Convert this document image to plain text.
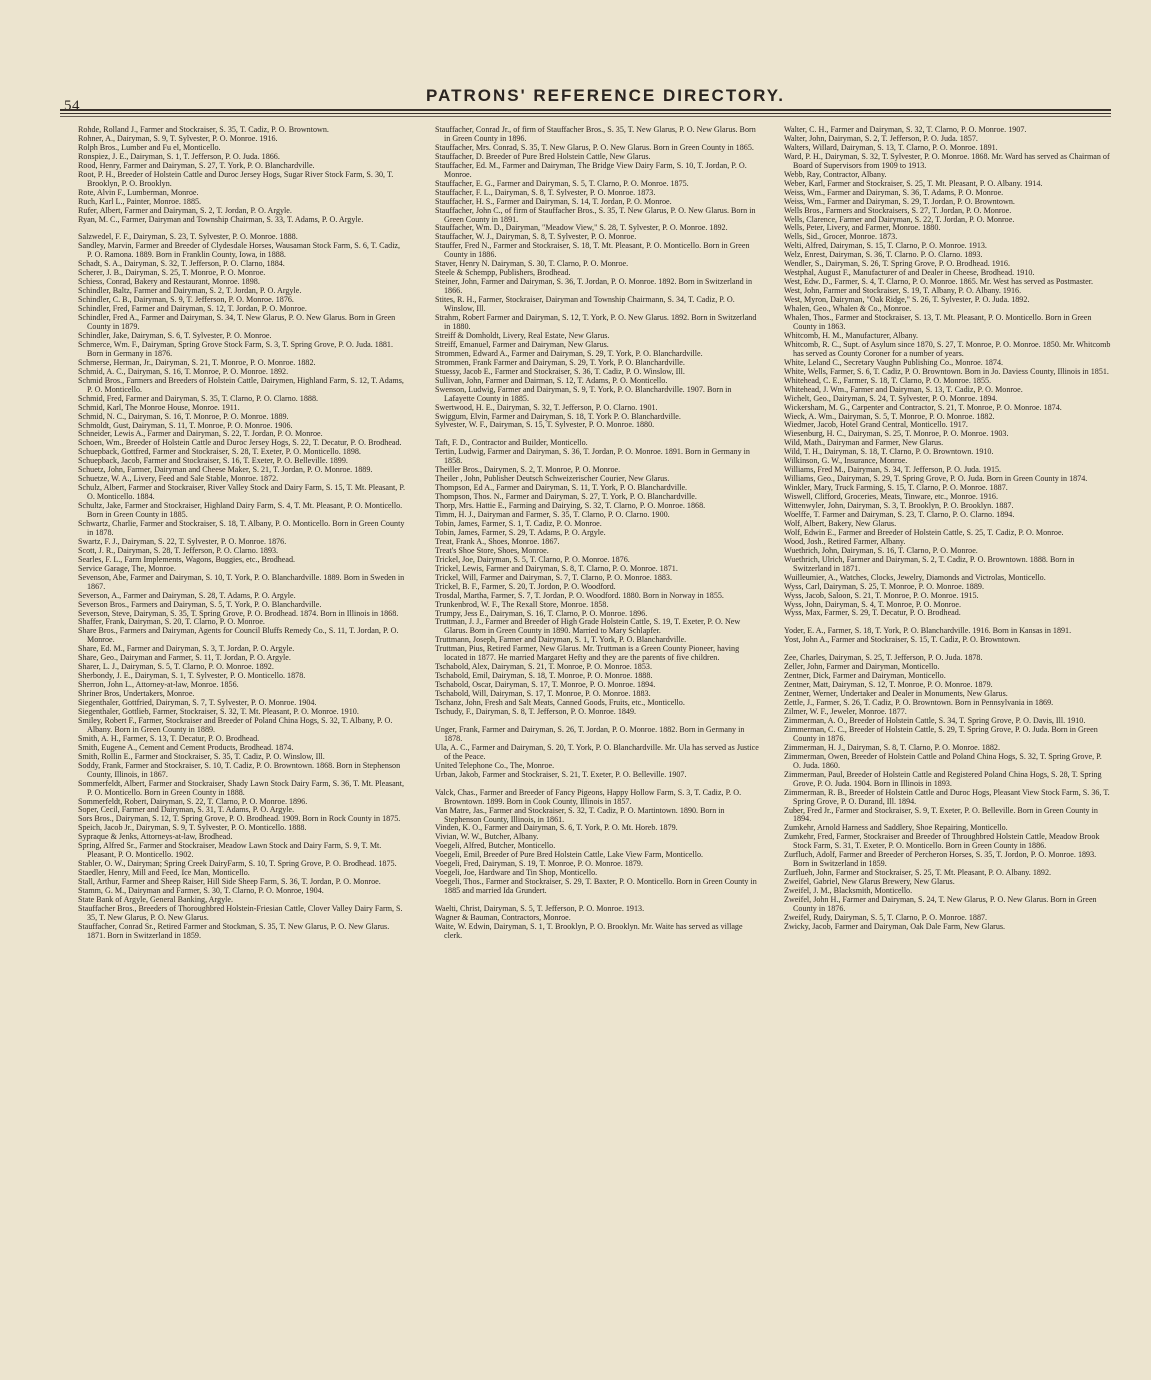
54
PATRONS' REFERENCE DIRECTORY.

Rohde, Rolland J., Farmer and Stockraiser, S. 35, T. Cadiz, P. O. Browntown.

Rohner, A., Dairyman, S. 9, T. Sylvester, P. O. Monroe. 1916.

Rolph Bros., Lumber and Fu el, Monticello.

Ronspiez, J. E., Dairyman, S. 1, T. Jefferson, P. O. Juda. 1866.

Rood, Henry, Farmer and Dairyman, S. 27, T. York, P. O. Blanchardville.

Root, P. H., Breeder of Holstein Cattle and Duroc Jersey Hogs, Sugar River Stock Farm, S. 30, T. Brooklyn, P. O. Brooklyn.

Rote, Alvin F., Lumberman, Monroe.

Ruch, Karl L., Painter, Monroe. 1885.

Rufer, Albert, Farmer and Dairyman, S. 2, T. Jordan, P. O. Argyle.

Ryan, M. C., Farmer, Dairyman and Township Chairman, S. 33, T. Adams, P. O. Argyle.

Salzwedel, F. F., Dairyman, S. 23, T. Sylvester, P. O. Monroe. 1888.

Sandley, Marvin, Farmer and Breeder of Clydesdale Horses, Wausaman Stock Farm, S. 6, T. Cadiz, P. O. Ramona. 1889. Born in Franklin County, Iowa, in 1888.

Schadt, S. A., Dairyman, S. 32, T. Jefferson, P. O. Clarno, 1884.

Scherer, J. B., Dairyman, S. 25, T. Monroe, P. O. Monroe.

Schiess, Conrad, Bakery and Restaurant, Monroe. 1898.

Schindler, Baltz, Farmer and Dairyman, S. 2, T. Jordan, P. O. Argyle.

Schindler, C. B., Dairyman, S. 9, T. Jefferson, P. O. Monroe. 1876.

Schindler, Fred, Farmer and Dairyman, S. 12, T. Jordan, P. O. Monroe.

Schindler, Fred A., Farmer and Dairyman, S. 34, T. New Glarus, P. O. New Glarus. Born in Green County in 1879.

Schindler, Jake, Dairyman, S. 6, T. Sylvester, P. O. Monroe.

Schmerce, Wm. F., Dairyman, Spring Grove Stock Farm, S. 3, T. Spring Grove, P. O. Juda. 1881. Born in Germany in 1876.

Schmerse, Herman, Jr., Dairyman, S. 21, T. Monroe, P. O. Monroe. 1882.

Schmid, A. C., Dairyman, S. 16, T. Monroe, P. O. Monroe. 1892.

Schmid Bros., Farmers and Breeders of Holstein Cattle, Dairymen, Highland Farm, S. 12, T. Adams, P. O. Monticello.

Schmid, Fred, Farmer and Dairyman, S. 35, T. Clarno, P. O. Clarno. 1888.

Schmid, Karl, The Monroe House, Monroe. 1911.

Schmid, N. C., Dairyman, S. 16, T. Monroe, P. O. Monroe. 1889.

Schmoldt, Gust, Dairyman, S. 11, T. Monroe, P. O. Monroe. 1906.

Schneider, Lewis A., Farmer and Dairyman, S. 22, T. Jordan, P. O. Monroe.

Schoen, Wm., Breeder of Holstein Cattle and Duroc Jersey Hogs, S. 22, T. Decatur, P. O. Brodhead.

Schuepback, Gottfred, Farmer and Stockraiser, S. 28, T. Exeter, P. O. Monticello. 1898.

Schuepback, Jacob, Farmer and Stockraiser, S. 16, T. Exeter, P. O. Belleville. 1899.

Schuetz, John, Farmer, Dairyman and Cheese Maker, S. 21, T. Jordan, P. O. Monroe. 1889.

Schuetze, W. A., Livery, Feed and Sale Stable, Monroe. 1872.

Schulz, Albert, Farmer and Stockraiser, River Valley Stock and Dairy Farm, S. 15, T. Mt. Pleasant, P. O. Monticello. 1884.

Schultz, Jake, Farmer and Stockraiser, Highland Dairy Farm, S. 4, T. Mt. Pleasant, P. O. Monticello. Born in Green County in 1885.

Schwartz, Charlie, Farmer and Stockraiser, S. 18, T. Albany, P. O. Monticello. Born in Green County in 1878.

Swartz, F. J., Dairyman, S. 22, T. Sylvester, P. O. Monroe. 1876.

Scott, J. R., Dairyman, S. 28, T. Jefferson, P. O. Clarno. 1893.

Searles, F. L., Farm Implements, Wagons, Buggies, etc., Brodhead.

Service Garage, The, Monroe.

Sevenson, Abe, Farmer and Dairyman, S. 10, T. York, P. O. Blanchardville. 1889. Born in Sweden in 1867.

Severson, A., Farmer and Dairyman, S. 28, T. Adams, P. O. Argyle.

Severson Bros., Farmers and Dairyman, S. 5, T. York, P. O. Blanchardville.

Severson, Steve, Dairyman, S. 35, T. Spring Grove, P. O. Brodhead. 1874. Born in Illinois in 1868.

Shaffer, Frank, Dairyman, S. 20, T. Clarno, P. O. Monroe.

Share Bros., Farmers and Dairyman, Agents for Council Bluffs Remedy Co., S. 11, T. Jordan, P. O. Monroe.

Share, Ed. M., Farmer and Dairyman, S. 3, T. Jordan, P. O. Argyle.

Share, Geo., Dairyman and Farmer, S. 11, T. Jordan, P. O. Argyle.

Sharer, L. J., Dairyman, S. 5, T. Clarno, P. O. Monroe. 1892.

Sherbondy, J. E., Dairyman, S. 1, T. Sylvester, P. O. Monticello. 1878.

Sherron, John L., Attorney-at-law, Monroe. 1856.

Shriner Bros, Undertakers, Monroe.

Siegenthaler, Gottfried, Dairyman, S. 7, T. Sylvester, P. O. Monroe. 1904.

Siegenthaler, Gottlieb, Farmer, Stockraiser, S. 32, T. Mt. Pleasant, P. O. Monroe. 1910.

Smiley, Robert F., Farmer, Stockraiser and Breeder of Poland China Hogs, S. 32, T. Albany, P. O. Albany. Born in Green County in 1889.

Smith, A. H., Farmer, S. 13, T. Decatur, P. O. Brodhead.

Smith, Eugene A., Cement and Cement Products, Brodhead. 1874.

Smith, Rollin E., Farmer and Stockraiser, S. 35, T. Cadiz, P. O. Winslow, Ill.

Soddy, Frank, Farmer and Stockraiser, S. 10, T. Cadiz, P. O. Browntown. 1868. Born in Stephenson County, Illinois, in 1867.

Sommerfeldt, Albert, Farmer and Stockraiser, Shady Lawn Stock Dairy Farm, S. 36, T. Mt. Pleasant, P. O. Monticello. Born in Green County in 1888.

Sommerfeldt, Robert, Dairyman, S. 22, T. Clarno, P. O. Monroe. 1896.

Soper, Cecil, Farmer and Dairyman, S. 31, T. Adams, P. O. Argyle.

Sors Bros., Dairyman, S. 12, T. Spring Grove, P. O. Brodhead. 1909. Born in Rock County in 1875.

Speich, Jacob Jr., Dairyman, S. 9, T. Sylvester, P. O. Monticello. 1888.

Sypraque & Jenks, Attorneys-at-law, Brodhead.

Spring, Alfred Sr., Farmer and Stockraiser, Meadow Lawn Stock and Dairy Farm, S. 9, T. Mt. Pleasant, P. O. Monticello. 1902.

Stabler, O. W., Dairyman; Spring Creek DairyFarm, S. 10, T. Spring Grove, P. O. Brodhead. 1875.

Staedler, Henry, Mill and Feed, Ice Man, Monticello.

Stall, Arthur, Farmer and Sheep Raiser, Hill Side Sheep Farm, S. 36, T. Jordan, P. O. Monroe.

Stamm, G. M., Dairyman and Farmer, S. 30, T. Clarno, P. O. Monroe, 1904.

State Bank of Argyle, General Banking, Argyle.

Stauffacher Bros., Breeders of Thoroughbred Holstein-Friesian Cattle, Clover Valley Dairy Farm, S. 35, T. New Glarus, P. O. New Glarus.

Stauffacher, Conrad Sr., Retired Farmer and Stockman, S. 35, T. New Glarus, P. O. New Glarus. 1871. Born in Switzerland in 1859.

Stauffacher, Conrad Jr., of firm of Stauffacher Bros., S. 35, T. New Glarus, P. O. New Glarus. Born in Green County in 1896.

Stauffacher, Mrs. Conrad, S. 35, T. New Glarus, P. O. New Glarus. Born in Green County in 1865.

Stauffacher, D. Breeder of Pure Bred Holstein Cattle, New Glarus.

Stauffacher, Ed. M., Farmer and Dairyman, The Bridge View Dairy Farm, S. 10, T. Jordan, P. O. Monroe.

Stauffacher, E. G., Farmer and Dairyman, S. 5, T. Clarno, P. O. Monroe. 1875.

Stauffacher, F. L., Dairyman, S. 8, T. Sylvester, P. O. Monroe. 1873.

Stauffacher, H. S., Farmer and Dairyman, S. 14, T. Jordan, P. O. Monroe.

Stauffacher, John C., of firm of Stauffacher Bros., S. 35, T. New Glarus, P. O. New Glarus. Born in Green County in 1891.

Stauffacher, Wm. D., Dairyman, "Meadow View," S. 28, T. Sylvester, P. O. Monroe. 1892.

Stauffacher, W. J., Dairyman, S. 8, T. Sylvester, P. O. Monroe.

Stauffer, Fred N., Farmer and Stockraiser, S. 18, T. Mt. Pleasant, P. O. Monticello. Born in Green County in 1886.

Staver, Henry N. Dairyman, S. 30, T. Clarno, P. O. Monroe.

Steele & Schempp, Publishers, Brodhead.

Steiner, John, Farmer and Dairyman, S. 36, T. Jordan, P. O. Monroe. 1892. Born in Switzerland in 1866.

Stites, R. H., Farmer, Stockraiser, Dairyman and Township Chairmann, S. 34, T. Cadiz, P. O. Winslow, Ill.

Strahm, Robert Farmer and Dairyman, S. 12, T. York, P. O. New Glarus. 1892. Born in Switzerland in 1880.

Streiff & Domholdt, Livery, Real Estate, New Glarus.

Streiff, Emanuel, Farmer and Dairyman, New Glarus.

Strommen, Edward A., Farmer and Dairyman, S. 29, T. York, P. O. Blanchardville.

Strommen, Frank Farmer and Dairyman, S. 29, T. York, P. O. Blanchardville.

Stuessy, Jacob E., Farmer and Stockraiser, S. 36, T. Cadiz, P. O. Winslow, Ill.

Sullivan, John, Farmer and Dairman, S. 12, T. Adams, P. O. Monticello.

Swenson, Ludwig, Farmer and Dairyman, S. 9, T. York, P. O. Blanchardville. 1907. Born in Lafayette County in 1885.

Swertwood, H. E., Dairyman, S. 32, T. Jefferson, P. O. Clarno. 1901.

Swiggum, Elvin, Farmer and Dairyman, S. 18, T. York P. O. Blanchardville.

Sylvester, W. F., Dairyman, S. 15, T. Sylvester, P. O. Monroe. 1880.

Taft, F. D., Contractor and Builder, Monticello.

Tertin, Ludwig, Farmer and Dairyman, S. 36, T. Jordan, P. O. Monroe. 1891. Born in Germany in 1858.

Theiller Bros., Dairymen, S. 2, T. Monroe, P. O. Monroe.

Theiler , John, Publisher Deutsch Schweizerischer Courier, New Glarus.

Thompson, Ed A., Farmer and Dairyman, S. 11, T. York, P. O. Blanchardville.

Thompson, Thos. N., Farmer and Dairyman, S. 27, T. York, P. O. Blanchardville.

Thorp, Mrs. Hattie E., Farming and Dairying, S. 32, T. Clarno, P. O. Monroe. 1868.

Timm, H. J., Dairyman and Farmer, S. 35, T. Clarno, P. O. Clarno. 1900.

Tobin, James, Farmer, S. 1, T. Cadiz, P. O. Monroe.

Tobin, James, Farmer, S. 29, T. Adams, P. O. Argyle.

Treat, Frank A., Shoes, Monroe. 1867.

Treat's Shoe Store, Shoes, Monroe.

Trickel, Joe, Dairyman, S. 5, T. Clarno, P. O. Monroe. 1876.

Trickel, Lewis, Farmer and Dairyman, S. 8, T. Clarno, P. O. Monroe. 1871.

Trickel, Will, Farmer and Dairyman, S. 7, T. Clarno, P. O. Monroe. 1883.

Trickel, B. F., Farmer, S. 20, T. Jordon, P. O. Woodford.

Trosdal, Martha, Farmer, S. 7, T. Jordan, P. O. Woodford. 1880. Born in Norway in 1855.

Trunkenbrod, W. F., The Rexall Store, Monroe. 1858.

Trumpy, Jess E., Dairyman, S. 16, T. Clarno, P. O. Monroe. 1896.

Truttman, J. J., Farmer and Breeder of High Grade Holstein Cattle, S. 19, T. Exeter, P. O. New Glarus. Born in Green County in 1890. Married to Mary Schlapfer.

Truttmann, Joseph, Farmer and Dairyman, S. 1, T. York, P. O. Blanchardville.

Truttman, Pius, Retired Farmer, New Glarus. Mr. Truttman is a Green County Pioneer, having located in 1877. He married Margaret Hefty and they are the parents of five children.

Tschabold, Alex, Dairyman, S. 21, T. Monroe, P. O. Monroe. 1853.

Tschabold, Emil, Dairyman, S. 18, T. Monroe, P. O. Monroe. 1888.

Tschabold, Oscar, Dairyman, S. 17, T. Monroe, P. O. Monroe. 1894.

Tschabold, Will, Dairyman, S. 17, T. Monroe, P. O. Monroe. 1883.

Tschanz, John, Fresh and Salt Meats, Canned Goods, Fruits, etc., Monticello.

Tschudy, F., Dairyman, S. 8, T. Jefferson, P. O. Monroe. 1849.

Unger, Frank, Farmer and Dairyman, S. 26, T. Jordan, P. O. Monroe. 1882. Born in Germany in 1878.

Ula, A. C., Farmer and Dairyman, S. 20, T. York, P. O. Blanchardville. Mr. Ula has served as Justice of the Peace.

United Telephone Co., The, Monroe.

Urban, Jakob, Farmer and Stockraiser, S. 21, T. Exeter, P. O. Belleville. 1907.

Valck, Chas., Farmer and Breeder of Fancy Pigeons, Happy Hollow Farm, S. 3, T. Cadiz, P. O. Browntown. 1899. Born in Cook County, Illinois in 1857.

Van Matre, Jas., Farmer and Stockraiser, S. 32, T. Cadiz, P. O. Martintown. 1890. Born in Stephenson County, Illinois, in 1861.

Vinden, K. O., Farmer and Dairyman, S. 6, T. York, P. O. Mt. Horeb. 1879.

Vivian, W. W., Butcher, Albany.

Voegeli, Alfred, Butcher, Monticello.

Voegeli, Emil, Breeder of Pure Bred Holstein Cattle, Lake View Farm, Monticello.

Voegeli, Fred, Dairyman, S. 19, T. Monroe, P. O. Monroe. 1879.

Voegeli, Joe, Hardware and Tin Shop, Monticello.

Voegeli, Thos., Farmer and Stockraiser, S. 29, T. Baxter, P. O. Monticello. Born in Green County in 1885 and married Ida Grundert.

Waelti, Christ, Dairyman, S. 5, T. Jefferson, P. O. Monroe. 1913.

Wagner & Bauman, Contractors, Monroe.

Waite, W. Edwin, Dairyman, S. 1, T. Brooklyn, P. O. Brooklyn. Mr. Waite has served as village clerk.

Walter, C. H., Farmer and Dairyman, S. 32, T. Clarno, P. O. Monroe. 1907.

Walter, John, Dairyman, S. 2, T. Jefferson, P. O. Juda. 1857.

Walters, Willard, Dairyman, S. 13, T. Clarno, P. O. Monroe. 1891.

Ward, P. H., Dairyman, S. 32, T. Sylvester, P. O. Monroe. 1868. Mr. Ward has served as Chairman of Board of Supervisors from 1909 to 1913.

Webb, Ray, Contractor, Albany.

Weber, Karl, Farmer and Stockraiser, S. 25, T. Mt. Pleasant, P. O. Albany. 1914.

Weiss, Wm., Farmer and Dairyman, S. 36, T. Adams, P. O. Monroe.

Weiss, Wm., Farmer and Dairyman, S. 29, T. Jordan, P. O. Browntown.

Wells Bros., Farmers and Stockraisers, S. 27, T. Jordan, P. O. Monroe.

Wells, Clarence, Farmer and Dairyman, S. 22, T. Jordan, P. O. Monroe.

Wells, Peter, Livery, and Farmer, Monroe. 1880.

Wells, Sid., Grocer, Monroe. 1873.

Welti, Alfred, Dairyman, S. 15, T. Clarno, P. O. Monroe. 1913.

Welz, Enrest, Dairyman, S. 36, T. Clarno. P. O. Clarno. 1893.

Wendler, S., Dairyman, S. 26, T. Spring Grove, P. O. Brodhead. 1916.

Westphal, August F., Manufacturer of and Dealer in Cheese, Brodhead. 1910.

West, Edw. D., Farmer, S. 4, T. Clarno, P. O. Monroe. 1865. Mr. West has served as Postmaster.

West, John, Farmer and Stockraiser, S. 19, T. Albany, P. O. Albany. 1916.

West, Myron, Dairyman, "Oak Ridge," S. 26, T. Sylvester, P. O. Juda. 1892.

Whalen, Geo., Whalen & Co., Monroe.

Whalen, Thos., Farmer and Stockraiser, S. 13, T. Mt. Pleasant, P. O. Monticello. Born in Green County in 1863.

Whitcomb, H. M., Manufacturer, Albany.

Whitcomb, R. C., Supt. of Asylum since 1870, S. 27, T. Monroe, P. O. Monroe. 1850. Mr. Whitcomb has served as County Coroner for a number of years.

White, Leland C., Secretary Vaughn Publishing Co., Monroe. 1874.

White, Wells, Farmer, S. 6, T. Cadiz, P. O. Browntown. Born in Jo. Daviess County, Illinois in 1851.

Whitehead, C. E., Farmer, S. 18, T. Clarno, P. O. Monroe. 1855.

Whitehead, J. Wm., Farmer and Dairyman, S. 13, T. Cadiz, P. O. Monroe.

Wichelt, Geo., Dairyman, S. 24, T. Sylvester, P. O. Monroe. 1894.

Wickersham, M. G., Carpenter and Contractor, S. 21, T. Monroe, P. O. Monroe. 1874.

Wieck, A. Wm., Dairyman, S. 5, T. Monroe, P. O. Monroe. 1882.

Wiedmer, Jacob, Hotel Grand Central, Monticello. 1917.

Wiesenburg, H. C., Dairyman, S. 25, T. Monroe, P. O. Monroe. 1903.

Wild, Math., Dairyman and Farmer, New Glarus.

Wild, T. H., Dairyman, S. 18, T. Clarno, P. O. Browntown. 1910.

Wilkinson, G. W., Insurance, Monroe.

Williams, Fred M., Dairyman, S. 34, T. Jefferson, P. O. Juda. 1915.

Williams, Geo., Dairyman, S. 29, T. Spring Grove, P. O. Juda. Born in Green County in 1874.

Winkler, Mary, Truck Farming, S. 15, T. Clarno, P. O. Monroe. 1887.

Wiswell, Clifford, Groceries, Meats, Tinware, etc., Monroe. 1916.

Wittenwyler, John, Dairyman, S. 3, T. Brooklyn, P. O. Brooklyn. 1887.

Woelffe, T. Farmer and Dairyman, S. 23, T. Clarno, P. O. Clarno. 1894.

Wolf, Albert, Bakery, New Glarus.

Wolf, Edwin E., Farmer and Breeder of Holstein Cattle, S. 25, T. Cadiz, P. O. Monroe.

Wood, Josh., Retired Farmer, Albany.

Wuethrich, John, Dairyman, S. 16, T. Clarno, P. O. Monroe.

Wuethrich, Ulrich, Farmer and Dairyman, S. 2, T. Cadiz, P. O. Browntown. 1888. Born in Switzerland in 1871.

Wuilleumier, A., Watches, Clocks, Jewelry, Diamonds and Victrolas, Monticello.

Wyss, Carl, Dairyman, S. 25, T. Monroe, P. O. Monroe. 1889.

Wyss, Jacob, Saloon, S. 21, T. Monroe, P. O. Monroe. 1915.

Wyss, John, Dairyman, S. 4, T. Monroe, P. O. Monroe.

Wyss, Max, Farmer, S. 29, T. Decatur, P. O. Brodhead.

Yoder, E. A., Farmer, S. 18, T. York, P. O. Blanchardville. 1916. Born in Kansas in 1891.

Yost, John A., Farmer and Stockraiser, S. 15, T. Cadiz, P. O. Browntown.

Zee, Charles, Dairyman, S. 25, T. Jefferson, P. O. Juda. 1878.

Zeller, John, Farmer and Dairyman, Monticello.

Zentner, Dick, Farmer and Dairyman, Monticello.

Zentner, Matt, Dairyman, S. 12, T. Monroe, P. O. Monroe. 1879.

Zentner, Werner, Undertaker and Dealer in Monuments, New Glarus.

Zettle, J., Farmer, S. 26, T. Cadiz, P. O. Browntown. Born in Pennsylvania in 1869.

Zilmer, W. F., Jeweler, Monroe. 1877.

Zimmerman, A. O., Breeder of Holstein Cattle, S. 34, T. Spring Grove, P. O. Davis, Ill. 1910.

Zimmerman, C. C., Breeder of Holstein Cattle, S. 29, T. Spring Grove, P. O. Juda. Born in Green County in 1876.

Zimmerman, H. J., Dairyman, S. 8, T. Clarno, P. O. Monroe. 1882.

Zimmerman, Owen, Breeder of Holstein Cattle and Poland China Hogs, S. 32, T. Spring Grove, P. O. Juda. 1860.

Zimmerman, Paul, Breeder of Holstein Cattle and Registered Poland China Hogs, S. 28, T. Spring Grove, P. O. Juda. 1904. Born in Illinois in 1893.

Zimmerman, R. B., Breeder of Holstein Cattle and Duroc Hogs, Pleasant View Stock Farm, S. 36, T. Spring Grove, P. O. Durand, Ill. 1894.

Zuber, Fred Jr., Farmer and Stockraiser, S. 9, T. Exeter, P. O. Belleville. Born in Green County in 1894.

Zumkehr, Arnold Harness and Saddlery, Shoe Repairing, Monticello.

Zumkehr, Fred, Farmer, Stockraiser and Breeder of Throughbred Holstein Cattle, Meadow Brook Stock Farm, S. 31, T. Exeter, P. O. Monticello. Born in Green County in 1886.

Zurfluch, Adolf, Farmer and Breeder of Percheron Horses, S. 35, T. Jordon, P. O. Monroe. 1893. Born in Switzerland in 1859.

Zurflueh, John, Farmer and Stockraiser, S. 25, T. Mt. Pleasant, P. O. Albany. 1892.

Zweifel, Gabriel, New Glarus Brewery, New Glarus.

Zweifel, J. M., Blacksmith, Monticello.

Zweifel, John H., Farmer and Dairyman, S. 24, T. New Glarus, P. O. New Glarus. Born in Green County in 1876.

Zweifel, Rudy, Dairyman, S. 5, T. Clarno, P. O. Monroe. 1887.

Zwicky, Jacob, Farmer and Dairyman, Oak Dale Farm, New Glarus.
